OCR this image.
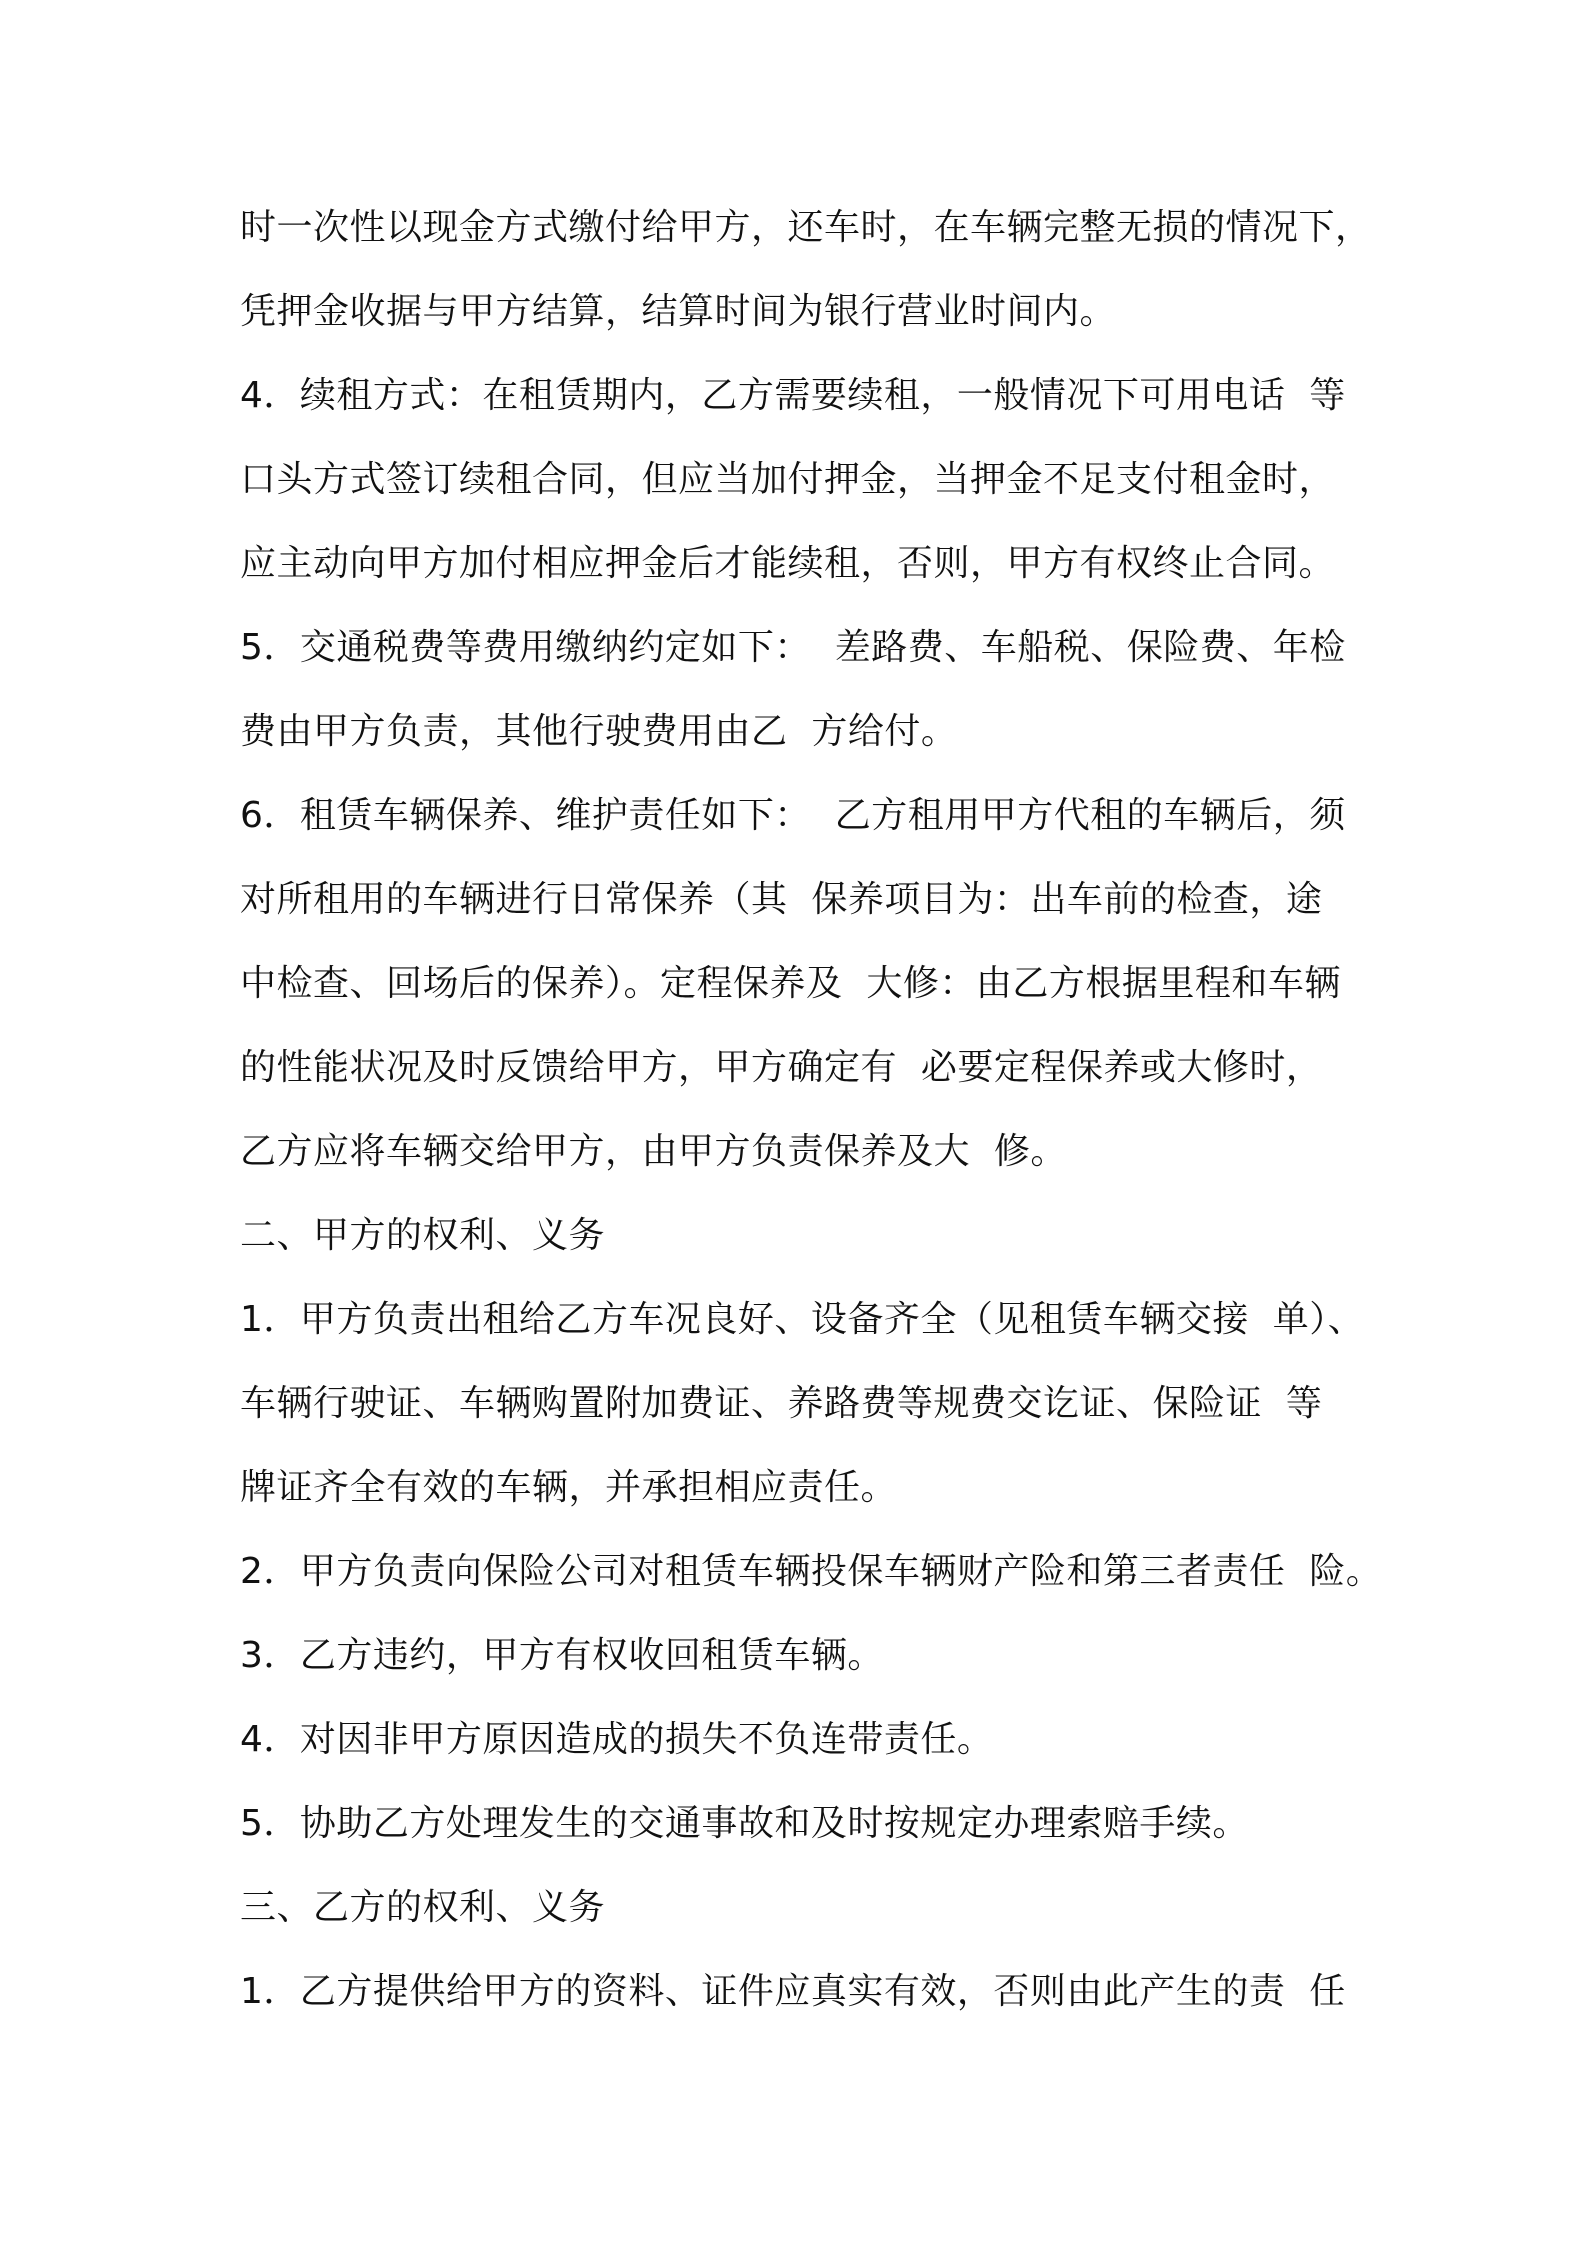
时一次性以现金方式缴付给甲方，还车时，在车辆完整无损的情况下，
凭押金收据与甲方结算，结算时间为银行营业时间内。
4．续租方式：在租赁期内，乙方需要续租，一般情况下可用电话  等
口头方式签订续租合同，但应当加付押金，当押金不足支付租金时，
应主动向甲方加付相应押金后才能续租，否则，甲方有权终止合同。
5．交通税费等费用缴纳约定如下：  差路费、车船税、保险费、年检
费由甲方负责，其他行驶费用由乙  方给付。
6．租赁车辆保养、维护责任如下：  乙方租用甲方代租的车辆后，须
对所租用的车辆进行日常保养（其  保养项目为：出车前的检查，途
中检查、回场后的保养）。定程保养及  大修：由乙方根据里程和车辆
的性能状况及时反馈给甲方，甲方确定有  必要定程保养或大修时，
乙方应将车辆交给甲方，由甲方负责保养及大  修。
二、甲方的权利、义务
1．甲方负责出租给乙方车况良好、设备齐全（见租赁车辆交接  单）、
车辆行驶证、车辆购置附加费证、养路费等规费交讫证、保险证  等
牌证齐全有效的车辆，并承担相应责任。
2．甲方负责向保险公司对租赁车辆投保车辆财产险和第三者责任  险。
3．乙方违约，甲方有权收回租赁车辆。
4．对因非甲方原因造成的损失不负连带责任。
5．协助乙方处理发生的交通事故和及时按规定办理索赔手续。
三、乙方的权利、义务
1．乙方提供给甲方的资料、证件应真实有效，否则由此产生的责  任
